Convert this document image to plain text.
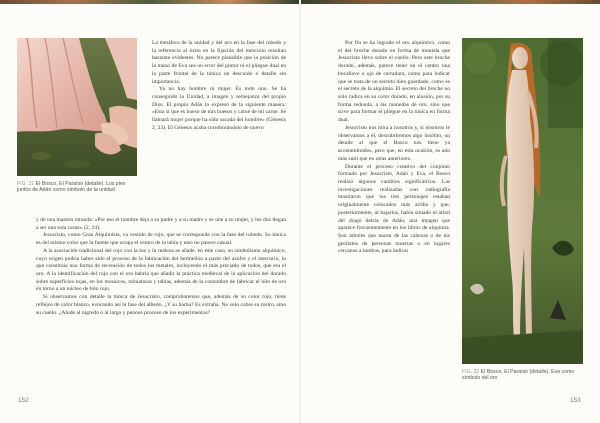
FIG. 31 El Bosco, El Paraíso (detalle). Los pies juntos de Adán como símbolo de la unidad

La metáfora de la unidad y del oro en la fase del rubedo y la referencia al éxito en la fijación del mercurio resultan bastante evidentes. No parece plausible que la posición de la mano de Eva sea un error del pintor ni el pliegue dual en la parte frontal de la túnica un descuido o detalle sin importancia.

Ya no hay hombre ni mujer. Es todo uno. Se ha conseguido la Unidad, a imagen y semejanza del propio Dios. El propio Adán lo expresó de la siguiente manera: «Esta sí que es hueso de mis huesos y carne de mi carne. Se llamará mujer porque ha sido sacada del hombre» (Génesis 2, 23). El Génesis acaba corroborándolo de nuevo

y de una manera rotunda: «Por eso el hombre deja a su padre y a su madre y se une a su mujer, y los dos llegan a ser una sola carne» (2, 24).

Jesucristo, como Gran Alquimista, va vestido de rojo, que se corresponde con la fase del rubedo. Su túnica es del mismo color que la fuente que ocupa el centro de la tabla y esto no parece casual.

A la asociación tradicional del rojo con la luz y la realeza se añade, en este caso, su simbolismo alquímico, cuyo origen podría haber sido el proceso de la fabricación del bermellón a partir del azufre y el mercurio, lo que constituía una forma de recreación de todos los metales, incluyendo el más preciado de todos, que era el oro. A la identificación del rojo con el oro habría que añadir la práctica medieval de la aplicación del dorado sobre superficies rojas, en los mosaicos, miniaturas y tablas, además de la costumbre de fabricar el hilo de oro en torno a un núcleo de hilo rojo.

Si observamos con detalle la túnica de Jesucristo, comprobaremos que, además de su color rojo, tiene reflejos de color blanco, evocando así la fase del albedo. ¿Y su barba? Es extraña. No solo cubre su rostro, sino su cuello. ¿Alude al nigredo o al largo y penoso proceso de los experimentos?

152

Por fin se ha logrado el oro alquímico, como el del broche dorado en forma de moneda que Jesucristo lleva sobre el cuello. Pero este broche dorado, además, parece tener en el centro una bocallave u ojo de cerradura, como para indicar que se trata de un secreto bien guardado, como es el secreto de la alquimia. El secreto del broche no solo radica en su color dorado, en alusión, por su forma redonda, a las monedas de oro, sino que sirve para formar el pliegue en la túnica en forma dual.

Jesucristo nos mira a nosotros y, si nosotros le observamos a él, descubriremos algo insólito, un detalle al que el Bosco nos tiene ya acostumbrados, pero que, en esta ocasión, es aún más sutil que en otras anteriores.

Durante el proceso creativo del conjunto formado por Jesucristo, Adán y Eva, el Bosco realizó algunos cambios significativos. Las investigaciones realizadas con radiografía mostraron que los tres personajes estaban originalmente colocados más arriba y que, posteriormente, al bajarlos, había situado el árbol del drago detrás de Adán, una imagen que aparece frecuentemente en los libros de alquimia. Son árboles que nacen de las cabezas o de los genitales de personas muertas o en lugares cercanos a tumbas, para indicar

FIG. 32 El Bosco, El Paraíso (detalle). Eva como símbolo del oro
153
